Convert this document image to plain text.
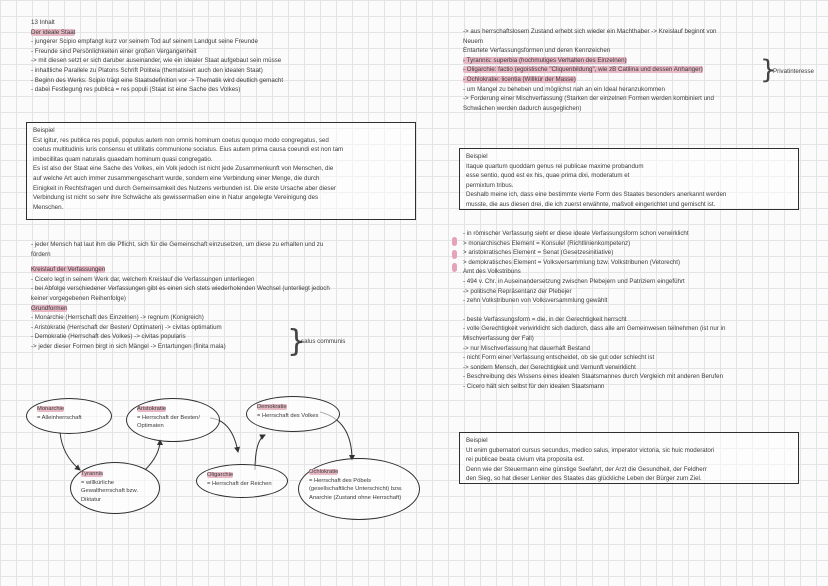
13 Inhalt
Der ideale Staat
- jungerer Scipio empfangt kurz vor seinem Tod auf seinem Landgut seine Freunde
- Freunde sind Persönlichkeiten einer großen Vergangenheit
-> mit diesen setzt er sich daruber auseinander, wie ein idealer Staat aufgebaut sein müsse
- inhaltliche Parallele zu Platons Schrift Politeia (thematisiert auch den idealen Staat)
- Beginn des Werks: Scipio trägt eine Staatsdefinition vor -> Thematik wird deutlich gemacht
- dabei Festlegung res publica = res populi (Staat ist eine Sache des Volkes)
Beispiel
Est igitur, res publica res populi, populus autem non omnis hominum coetus quoquo modo congregatus, sed
coetus multitudinis iuris consensu et utilitatis communione sociatus. Eius autem prima causa coeundi est non tam
imbecillitas quam naturalis quaedam hominum quasi congregatio.
Es ist also der Staat eine Sache des Volkes, ein Volk jedoch ist nicht jede Zusammenkunft von Menschen, die
auf welche Art auch immer zusammengescharrt wurde, sondern eine Verbindung einer Menge, die durch
Einigkeit in Rechtsfragen und durch Gemeinsamkeit des Nutzens verbunden ist. Die erste Ursache aber dieser
Verbindung ist nicht so sehr ihre Schwäche als gewissermaßen eine in Natur angelegte Vereinigung des
Menschen.
- jeder Mensch hat laut ihm die Pflicht, sich für die Gemeinschaft einzusetzen, um diese zu erhalten und zu
fördern
Kreislauf der Verfassungen
- Cicero legt in seinem Werk dar, welchem Kreislauf die Verfassungen unterliegen
- bei Abfolge verschiedener Verfassungen gibt es einen sich stets wiederholenden Wechsel (unterliegt jedoch
keiner vorgegebenen Reihenfolge)
Grundformen
- Monarchie (Herrschaft des Einzelnen) -> regnum (Konigreich)
- Aristokratie (Herrschaft der Besten/ Optimaten) -> civitas optimatium
- Demokratie (Herrschaft des Volkes) -> civitas popularis
-> jeder dieser Formen birgt in sich Mängel -> Entartungen (finita mala)	}
salus communis
Monarchie
= Alleinherrschaft
Aristokratie
= Herrschaft der Besten/
Optimaten
Demokratie
= Herrschaft des Volkes
Tyrannis
= willkürliche
Gewaltherrschaft bzw.
Diktatur
Oligarchie
= Herrschaft der Reichen
Ochlokratie
= Herrschaft des Pöbels
(gesellschaftliche Unterschicht) bzw.
Anarchie (Zustand ohne Herrschaft)
-> aus herrschaftslosem Zustand erhebt sich wieder ein Machthaber -> Kreislauf beginnt von
Neuem
Entartete Verfassungsformen und deren Kennzeichen
- Tyrannis: superbia (hochmutiges Verhalten des Einzelnen)
- Oligarchie: factio (egoistische "Cliquenbildung", wie zB Catilina und dessen Anhanger)
- Ochlokratie: licentia (Willkür der Masse)
- um Mangel zu beheben und möglichst nah an ein Ideal heranzukommen
-> Forderung einer Mischverfassung (Starken der einzelnen Formen werden kombiniert und
Schwächen werden dadurch ausgeglichen)
}
Privatinteresse
Beispiel
Itaque quartum quoddam genus rei publicae maxime probandum
esse sentio, quod est ex his, quae prima dixi, moderatum et
permixtum tribus.
Deshalb meine ich, dass eine bestimmte vierte Form des Staates besonders anerkannt werden
musste, die aus diesen drei, die ich zuerst erwähnte, maßvoll eingerichtet und gemischt ist.
- in römischer Verfassung sieht er diese ideale Verfassungsform schon verwirklicht
> monarchisches Element = Konsule! (Richtlinienkompetenz)
> aristokratisches Element = Senat (Gesetzesinitiative)
> demokratisches Element = Volksversammlung bzw. Volkstribunen (Vetorecht)
Amt des Volkstribuns
- 494 v. Chr. in Auseinandersetzung zwischen Plebejern und Patriziern eingeführt
-> politische Repräsentanz der Plebejer
- zehn Volkstribunen von Volksversammlung gewählt
- beste Verfassungsform = die, in der Gerechtigkeit herrscht
- volle Gerechtigkeit verwirklicht sich dadurch, dass alle am Gemeinwesen teilnehmen (ist nur in
Mischverfassung der Fall)
-> nur Mischverfassung hat dauerhaft Bestand
- nicht Form einer Verfassung entscheidet, ob sie gut oder schlecht ist
-> sondern Mensch, der Gerechtigkeit und Vernunft verwirklicht
- Beschreibung des Wissens eines idealen Staatsmannes durch Vergleich mit anderen Berufen
- Cicero hält sich selbst für den idealen Staatsmann
Beispiel
Ut enim gubernatori cursus secundus, medico salus, imperator victoria, sic huic moderatori
rei publicae beata civium vita proposita est.
Denn wie der Steuermann eine günstige Seefahrt, der Arzt die Gesundheit, der Feldherr
den Sieg, so hat dieser Lenker des Staates das glückliche Leben der Bürger zum Ziel.
